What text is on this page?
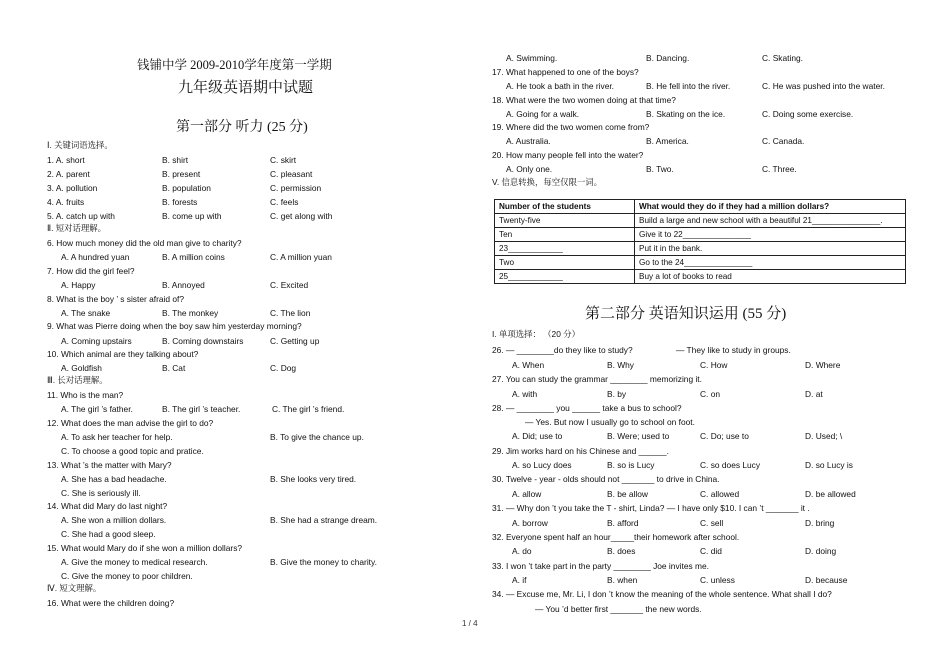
钱铺中学 2009-2010学年度第一学期
九年级英语期中试题
第一部分 听力 (25 分)
Ⅰ. 关键词语选择。
1. A. short	B. shirt	C. skirt
2. A. parent	B. present	C. pleasant
3. A. pollution	B. population	C. permission
4. A. fruits	B. forests	C. feels
5. A. catch up with	B. come up with	C. get along with
Ⅱ. 短对话理解。
6. How much money did the old man give to charity?
A. A hundred yuan	B. A million coins	C. A million yuan
7. How did the girl feel?
A. Happy	B. Annoyed	C. Excited
8. What is the boy ’ s sister afraid of?
A. The snake	B. The monkey	C. The lion
9. What was Pierre doing when the boy saw him yesterday morning?
A. Coming upstairs	B. Coming downstairs	C. Getting up
10. Which animal are they talking about?
A. Goldfish	B. Cat	C. Dog
Ⅲ. 长对话理解。
11. Who is the man?
A. The girl ’s father.	B. The girl ’s teacher.	C. The girl ’s friend.
12. What does the man advise the girl to do?
A. To ask her teacher for help.	B. To give the chance up.
C. To choose a good topic and pratice.
13. What ’s the matter with Mary?
A. She has a bad headache.	B. She looks very tired.
C. She is seriously ill.
14. What did Mary do last night?
A. She won a million dollars.	B. She had a strange dream.
C. She had a good sleep.
15. What would Mary do if she won a million dollars?
A. Give the money to medical research.	B. Give the money to charity.
C. Give the money to poor children.
Ⅳ. 短文理解。
16. What were the children doing?
A. Swimming.	B. Dancing.	C. Skating.
17. What happened to one of the boys?
A. He took a bath in the river.	B. He fell into the river.	C. He was pushed into the water.
18. What were the two women doing at that time?
A. Going for a walk.	B. Skating on the ice.	C. Doing some exercise.
19. Where did the two women come from?
A. Australia.	B. America.	C. Canada.
20. How many people fell into the water?
A. Only one.	B. Two.	C. Three.
V. 信息转换，每空仅限一词。
Number of the students	What would they do if they had a million dollars?
Twenty-five	Build a large and new school with a beautiful 21_______________.
Ten	Give it to 22_______________
23____________	Put it in the bank.
Two	Go to the 24_______________
25____________	Buy a lot of books to read
第二部分 英语知识运用 (55 分)
I. 单项选择： （20 分）
26. — ________do they like to study?	— They like to study in groups.
A. When	B. Why	C. How	D. Where
27. You can study the grammar ________ memorizing it.
A. with	B. by	C. on	D. at
28. — ________ you ______ take a bus to school?
— Yes. But now I usually go to school on foot.
A. Did; use to	B. Were; used to	C. Do; use to	D. Used; \
29. Jim works hard on his Chinese and ______.
A. so Lucy does	B. so is Lucy	C. so does Lucy	D. so Lucy is
30. Twelve - year - olds should not _______ to drive in China.
A. allow	B. be allow	C. allowed	D. be allowed
31. — Why don ’t you take the T - shirt, Linda? — I have only $10. I can ’t _______ it .
A. borrow	B. afford	C. sell	D. bring
32. Everyone spent half an hour_____their homework after school.
A. do	B. does	C. did	D. doing
33. I won ’t take part in the party ________ Joe invites me.
A. if	B. when	C. unless	D. because
34. — Excuse me, Mr. Li, I don ’t know the meaning of the whole sentence. What shall I do?
— You ’d better first _______ the new words.
1 / 4
